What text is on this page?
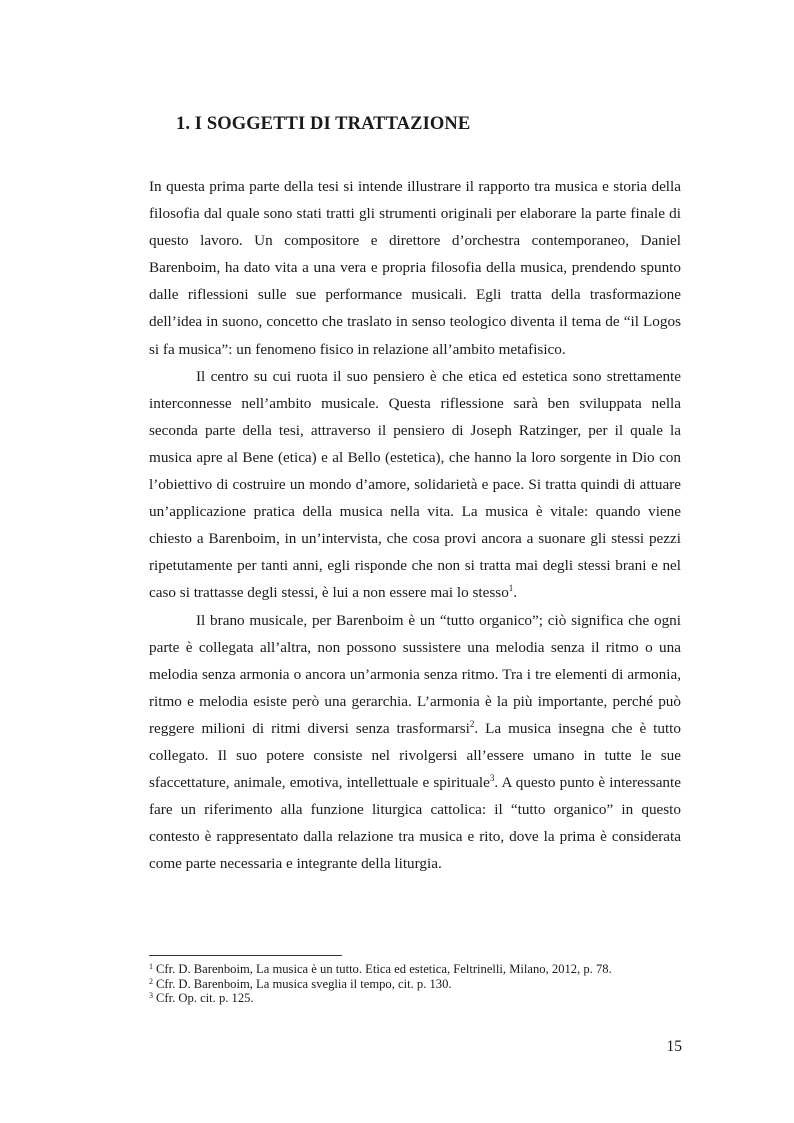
1. I SOGGETTI DI TRATTAZIONE

In questa prima parte della tesi si intende illustrare il rapporto tra musica e storia della filosofia dal quale sono stati tratti gli strumenti originali per elaborare la parte finale di questo lavoro. Un compositore e direttore d’orchestra contemporaneo, Daniel Barenboim, ha dato vita a una vera e propria filosofia della musica, prendendo spunto dalle riflessioni sulle sue performance musicali. Egli tratta della trasformazione dell’idea in suono, concetto che traslato in senso teologico diventa il tema de “il Logos si fa musica”: un fenomeno fisico in relazione all’ambito metafisico.

Il centro su cui ruota il suo pensiero è che etica ed estetica sono strettamente interconnesse nell’ambito musicale. Questa riflessione sarà ben sviluppata nella seconda parte della tesi, attraverso il pensiero di Joseph Ratzinger, per il quale la musica apre al Bene (etica) e al Bello (estetica), che hanno la loro sorgente in Dio con l’obiettivo di costruire un mondo d’amore, solidarietà e pace. Si tratta quindi di attuare un’applicazione pratica della musica nella vita. La musica è vitale: quando viene chiesto a Barenboim, in un’intervista, che cosa provi ancora a suonare gli stessi pezzi ripetutamente per tanti anni, egli risponde che non si tratta mai degli stessi brani e nel caso si trattasse degli stessi, è lui a non essere mai lo stesso$^1$.

Il brano musicale, per Barenboim è un “tutto organico”; ciò significa che ogni parte è collegata all’altra, non possono sussistere una melodia senza il ritmo o una melodia senza armonia o ancora un’armonia senza ritmo. Tra i tre elementi di armonia, ritmo e melodia esiste però una gerarchia. L’armonia è la più importante, perché può reggere milioni di ritmi diversi senza trasformarsi$^2$. La musica insegna che è tutto collegato. Il suo potere consiste nel rivolgersi all’essere umano in tutte le sue sfaccettature, animale, emotiva, intellettuale e spirituale$^3$. A questo punto è interessante fare un riferimento alla funzione liturgica cattolica: il “tutto organico” in questo contesto è rappresentato dalla relazione tra musica e rito, dove la prima è considerata come parte necessaria e integrante della liturgia.

$^1$ Cfr. D. Barenboim, La musica è un tutto. Etica ed estetica, Feltrinelli, Milano, 2012, p. 78.
$^2$ Cfr. D. Barenboim, La musica sveglia il tempo, cit. p. 130.
$^3$ Cfr. Op. cit. p. 125.
15
